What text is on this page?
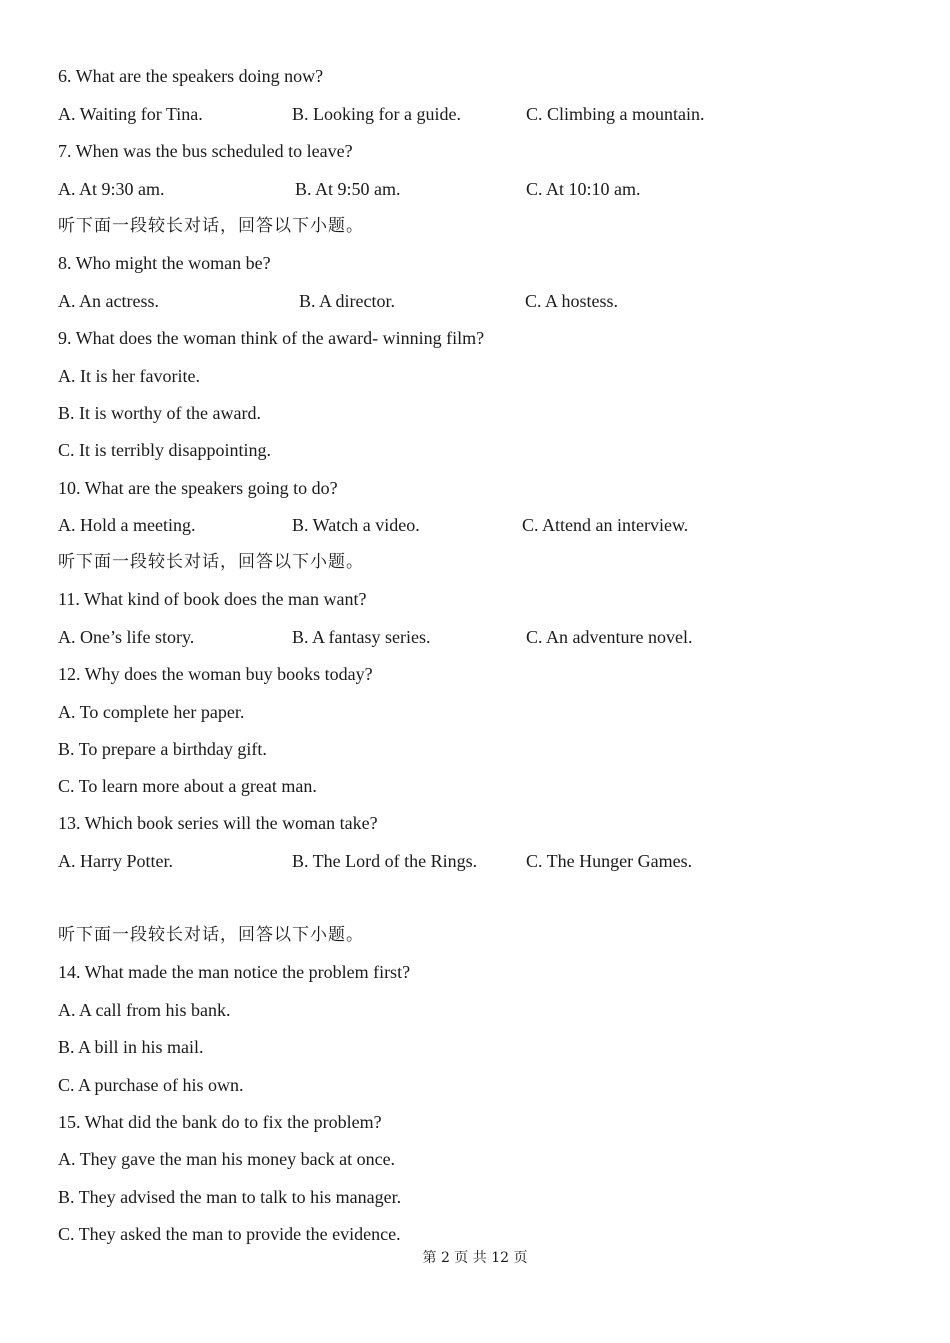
6. What are the speakers doing now?
A. Waiting for Tina.	B. Looking for a guide.	C. Climbing a mountain.
7. When was the bus scheduled to leave?
A. At 9:30 am.	B. At 9:50 am.	C. At 10:10 am.
听下面一段较长对话，回答以下小题。
8. Who might the woman be?
A. An actress.	B. A director.	C. A hostess.
9. What does the woman think of the award- winning film?
A. It is her favorite.
B. It is worthy of the award.
C. It is terribly disappointing.
10. What are the speakers going to do?
A. Hold a meeting.	B. Watch a video.	C. Attend an interview.
听下面一段较长对话，回答以下小题。
11. What kind of book does the man want?
A. One’s life story.	B. A fantasy series.	C. An adventure novel.
12. Why does the woman buy books today?
A. To complete her paper.
B. To prepare a birthday gift.
C. To learn more about a great man.
13. Which book series will the woman take?
A. Harry Potter.	B. The Lord of the Rings.	C. The Hunger Games.
听下面一段较长对话，回答以下小题。
14. What made the man notice the problem first?
A. A call from his bank.
B. A bill in his mail.
C. A purchase of his own.
15. What did the bank do to fix the problem?
A. They gave the man his money back at once.
B. They advised the man to talk to his manager.
C. They asked the man to provide the evidence.
第 2 页 共 12 页
